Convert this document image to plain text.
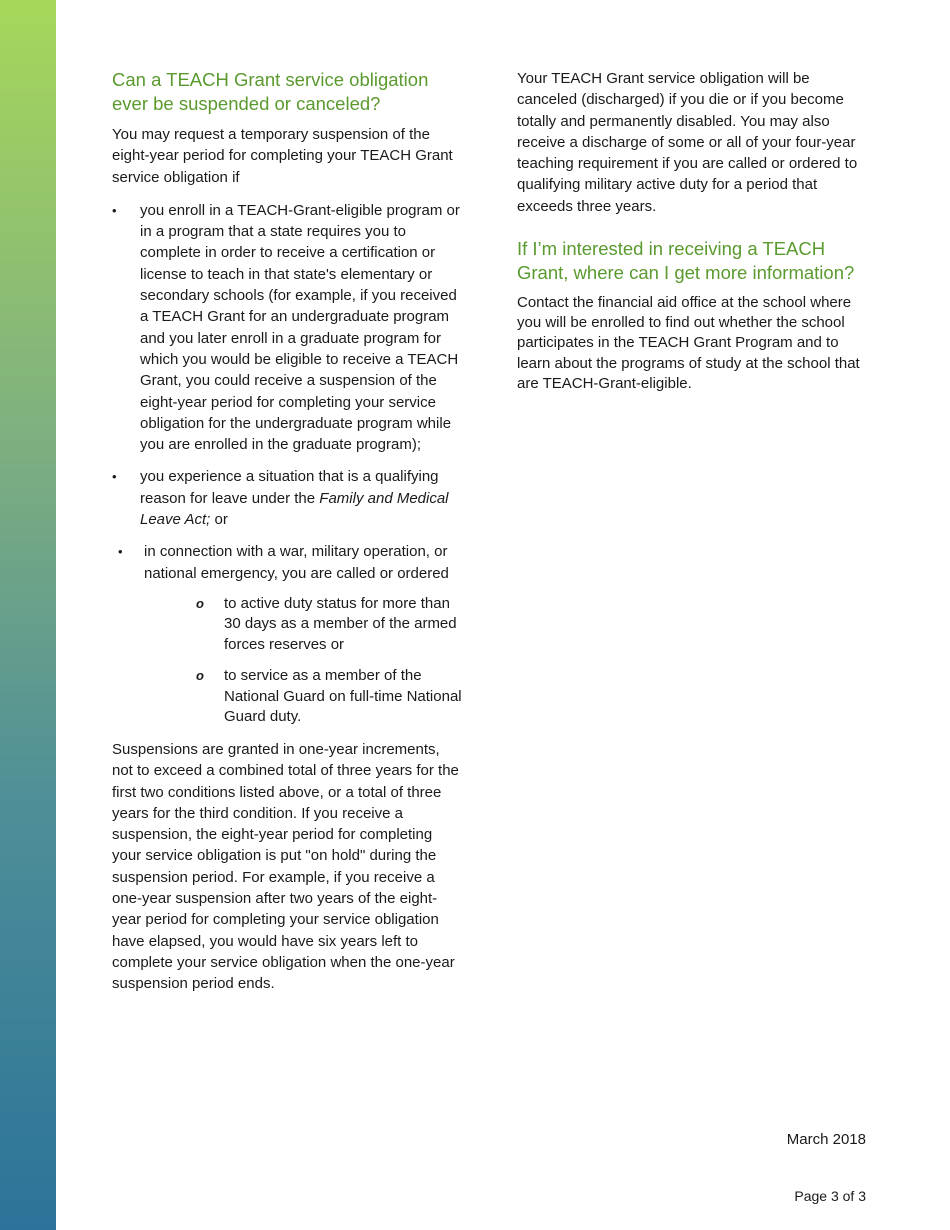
Can a TEACH Grant service obligation ever be suspended or canceled?

You may request a temporary suspension of the eight-year period for completing your TEACH Grant service obligation if

• you enroll in a TEACH-Grant-eligible program or in a program that a state requires you to complete in order to receive a certification or license to teach in that state's elementary or secondary schools (for example, if you received a TEACH Grant for an undergraduate program and you later enroll in a graduate program for which you would be eligible to receive a TEACH Grant, you could receive a suspension of the eight-year period for completing your service obligation for the undergraduate program while you are enrolled in the graduate program);
• you experience a situation that is a qualifying reason for leave under the Family and Medical Leave Act; or
• in connection with a war, military operation, or national emergency, you are called or ordered
o to active duty status for more than 30 days as a member of the armed forces reserves or
o to service as a member of the National Guard on full-time National Guard duty.

Suspensions are granted in one-year increments, not to exceed a combined total of three years for the first two conditions listed above, or a total of three years for the third condition. If you receive a suspension, the eight-year period for completing your service obligation is put "on hold" during the suspension period. For example, if you receive a one-year suspension after two years of the eight-year period for completing your service obligation have elapsed, you would have six years left to complete your service obligation when the one-year suspension period ends.

Your TEACH Grant service obligation will be canceled (discharged) if you die or if you become totally and permanently disabled. You may also receive a discharge of some or all of your four-year teaching requirement if you are called or ordered to qualifying military active duty for a period that exceeds three years.

If I’m interested in receiving a TEACH Grant, where can I get more information?

Contact the financial aid office at the school where you will be enrolled to find out whether the school participates in the TEACH Grant Program and to learn about the programs of study at the school that are TEACH-Grant-eligible.

March 2018
Page 3 of 3
